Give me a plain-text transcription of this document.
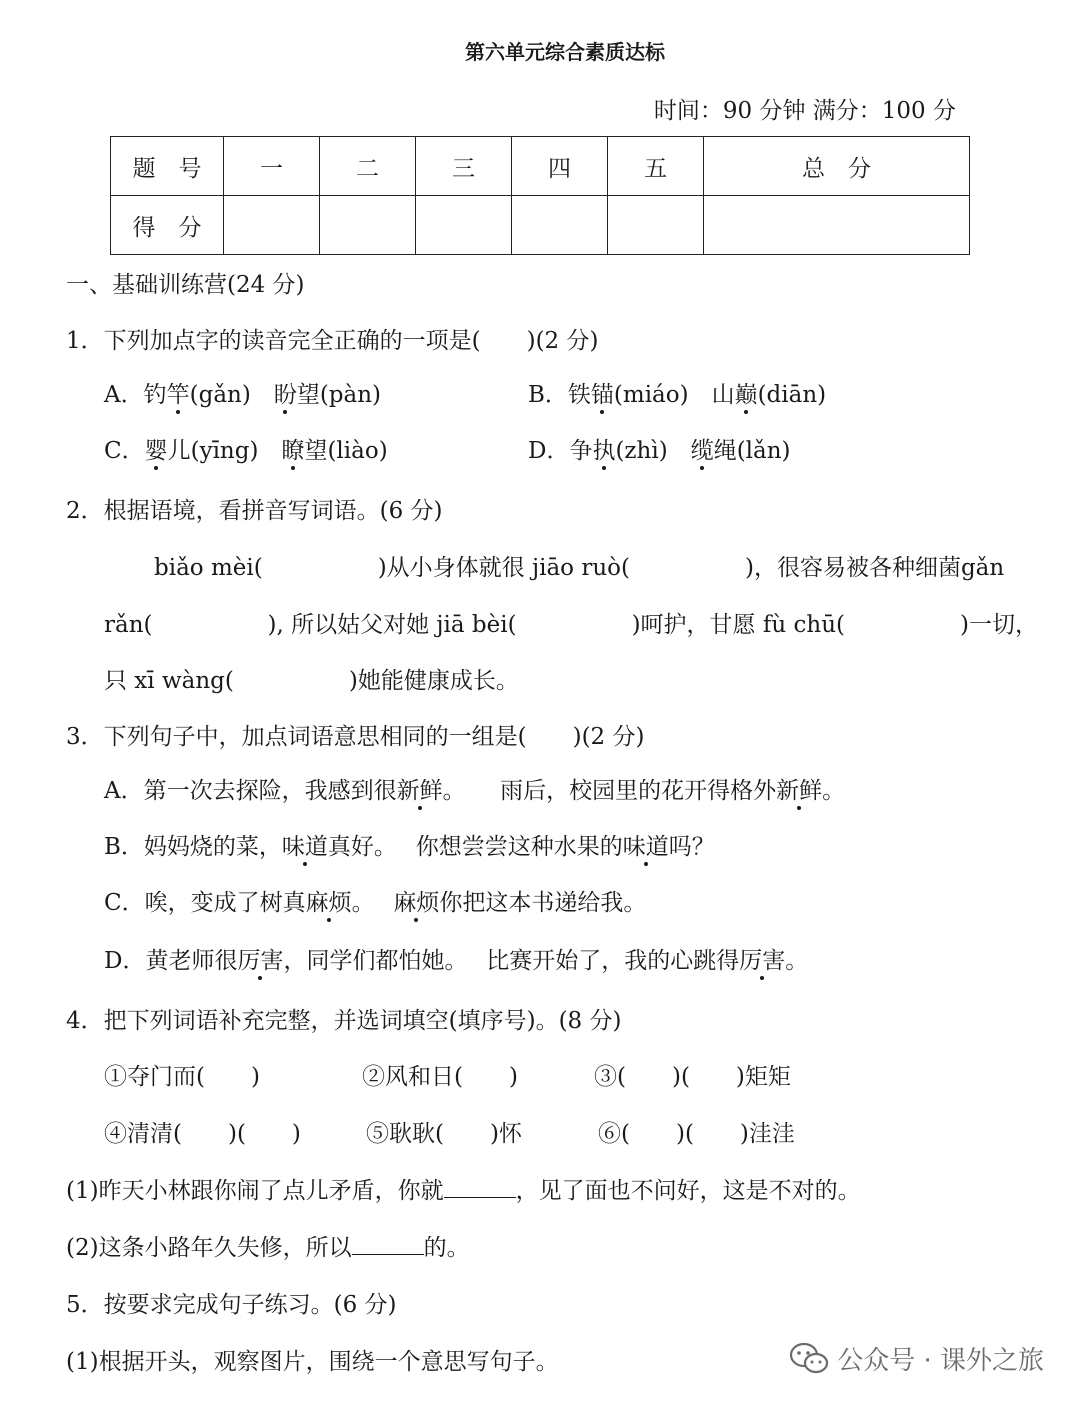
第六单元综合素质达标
时间：90 分钟 满分：100 分
题　号	一	二	三	四	五	总　分
得　分						
一、基础训练营(24 分)
1．下列加点字的读音完全正确的一项是(　　)(2 分)
A．钓竿(gǎn)　盼望(pàn)	B．铁锚(miáo)　山巅(diān)
C．婴儿(yīng)　瞭望(liào)	D．争执(zhì)　缆绳(lǎn)
2．根据语境，看拼音写词语。(6 分)
biǎo mèi(　　　　　)从小身体就很 jiāo ruò(　　　　　)，很容易被各种细菌gǎn
rǎn(　　　　　), 所以姑父对她 jiā bèi(　　　　　)呵护，甘愿 fù chū(　　　　　)一切，
只 xī wàng(　　　　　)她能健康成长。
3．下列句子中，加点词语意思相同的一组是(　　)(2 分)
A．第一次去探险，我感到很新鲜。　　雨后，校园里的花开得格外新鲜。
B．妈妈烧的菜，味道真好。　 你想尝尝这种水果的味道吗？
C．唉，变成了树真麻烦。　 麻烦你把这本书递给我。
D．黄老师很厉害，同学们都怕她。　 比赛开始了，我的心跳得厉害。
4．把下列词语补充完整，并选词填空(填序号)。(8 分)
①夺门而(　　)	②风和日(　　)	③(　　)(　　)矩矩
④清清(　　)(　　)	⑤耿耿(　　)怀	⑥(　　)(　　)洼洼
(1)昨天小林跟你闹了点儿矛盾，你就	，见了面也不问好，这是不对的。
(2)这条小路年久失修，所以	的。
5．按要求完成句子练习。(6 分)
(1)根据开头，观察图片，围绕一个意思写句子。	公众号 · 课外之旅
